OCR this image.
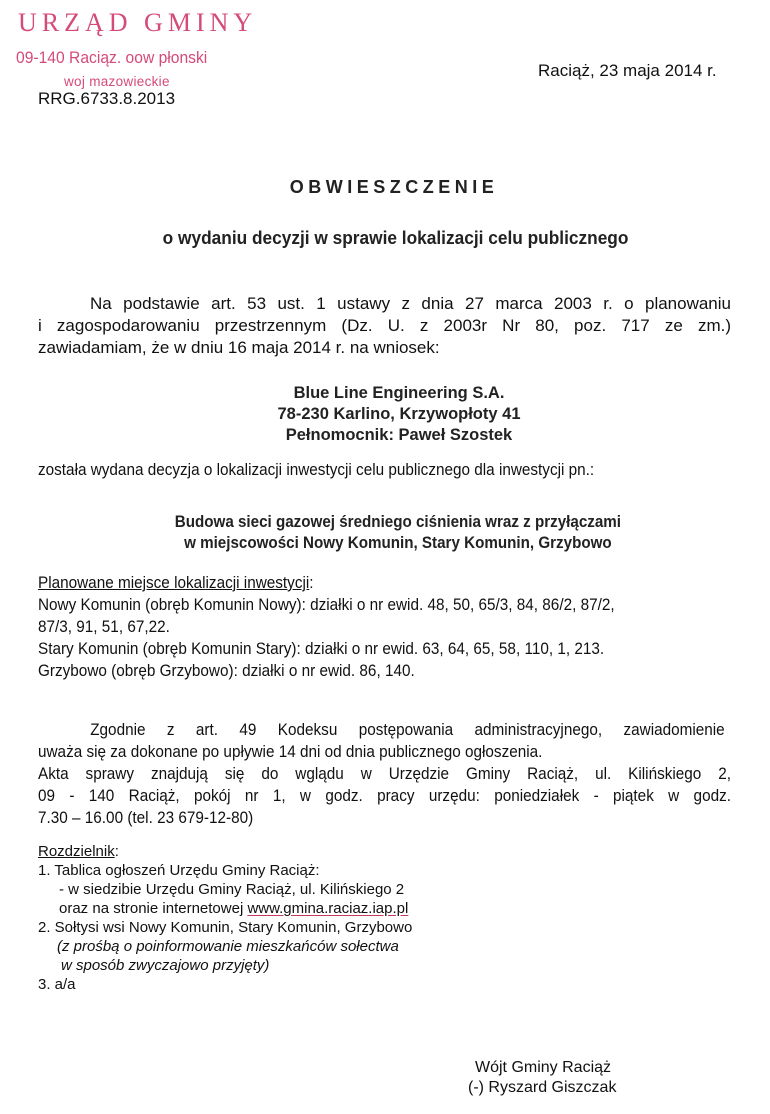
URZĄD GMINY
09-140 Raciąz. oow płonski
woj mazowieckie
RRG.6733.8.2013
Raciąż, 23 maja 2014 r.
OBWIESZCZENIE
o wydaniu decyzji w sprawie lokalizacji celu publicznego
Na podstawie art. 53 ust. 1 ustawy z dnia 27 marca 2003 r. o planowaniu
i zagospodarowaniu przestrzennym (Dz. U. z 2003r Nr 80, poz. 717 ze zm.)
zawiadamiam, że w dniu 16 maja 2014 r. na wniosek:
Blue Line Engineering S.A.
78-230 Karlino, Krzywopłoty 41
Pełnomocnik: Paweł Szostek
została wydana decyzja o lokalizacji inwestycji celu publicznego dla inwestycji pn.:
Budowa sieci gazowej średniego ciśnienia wraz z przyłączami
w miejscowości Nowy Komunin, Stary Komunin, Grzybowo
Planowane miejsce lokalizacji inwestycji:
Nowy Komunin (obręb Komunin Nowy): działki o nr ewid. 48, 50, 65/3, 84, 86/2, 87/2,
87/3, 91, 51, 67,22.
Stary Komunin (obręb Komunin Stary): działki o nr ewid. 63, 64, 65, 58, 110, 1, 213.
Grzybowo (obręb Grzybowo): działki o nr ewid. 86, 140.
Zgodnie z art. 49 Kodeksu postępowania administracyjnego, zawiadomienie
uważa się za dokonane po upływie 14 dni od dnia publicznego ogłoszenia.
Akta sprawy znajdują się do wglądu w Urzędzie Gminy Raciąż, ul. Kilińskiego 2,
09 - 140 Raciąż, pokój nr 1, w godz. pracy urzędu: poniedziałek - piątek w godz.
7.30 – 16.00 (tel. 23 679-12-80)
Rozdzielnik:
1. Tablica ogłoszeń Urzędu Gminy Raciąż:
- w siedzibie Urzędu Gminy Raciąż, ul. Kilińskiego 2
oraz na stronie internetowej www.gmina.raciaz.iap.pl
2. Sołtysi wsi Nowy Komunin, Stary Komunin, Grzybowo
(z prośbą o poinformowanie mieszkańców sołectwa
w sposób zwyczajowo przyjęty)
3. a/a
Wójt Gminy Raciąż
(-) Ryszard Giszczak
